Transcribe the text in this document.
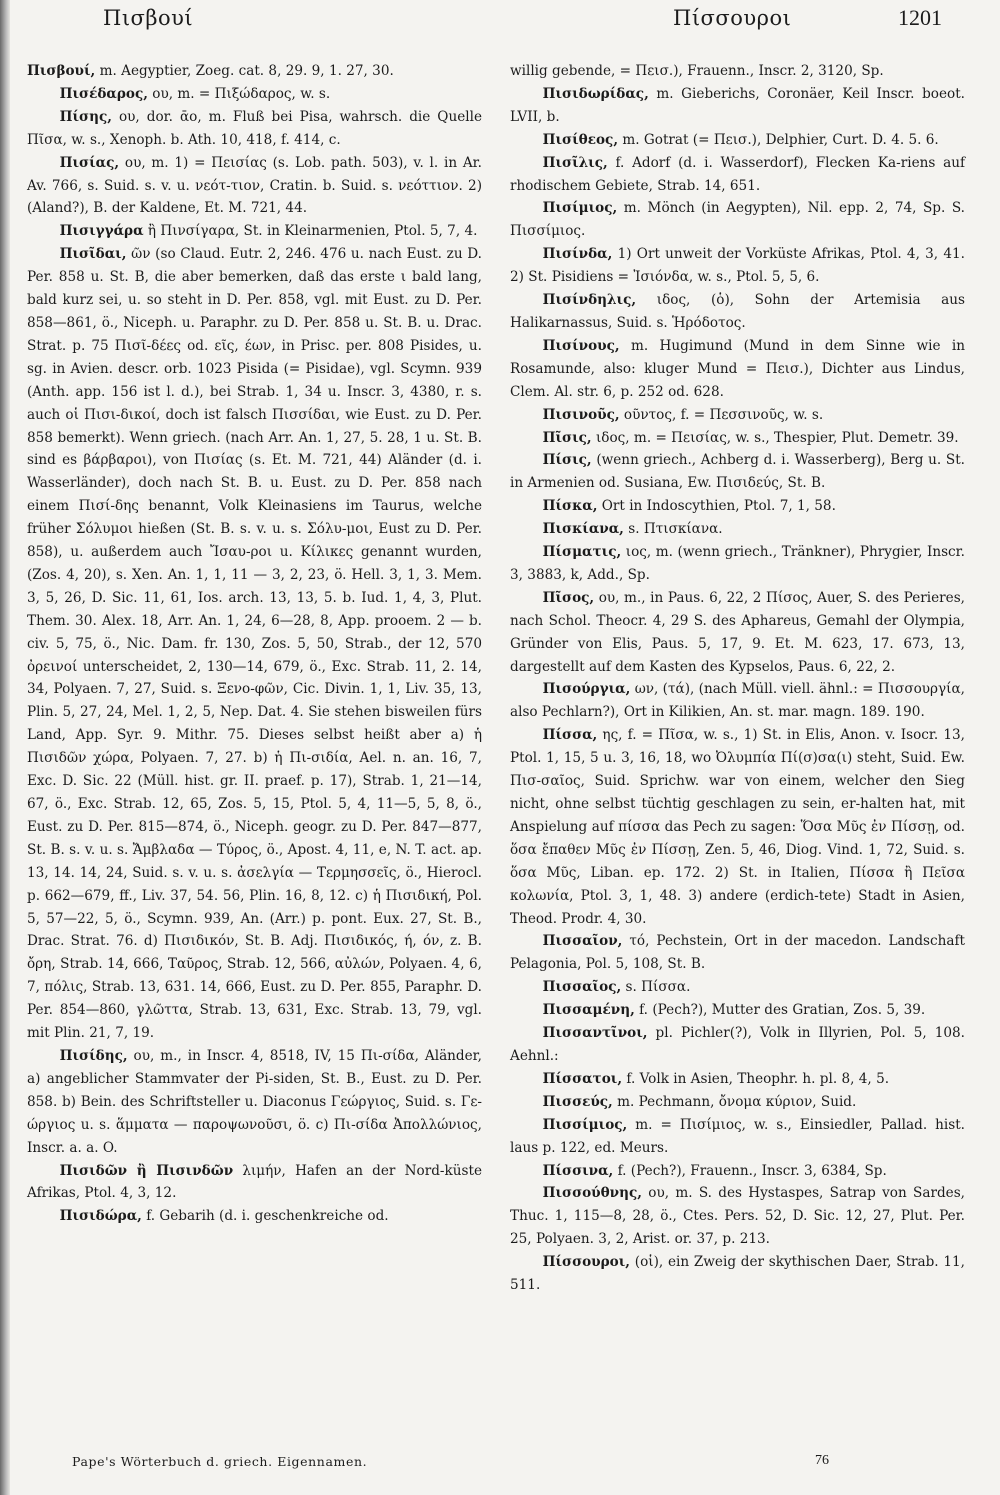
Πισβουί	Πίσσουροι	1201

Πισβουί, m. Aegyptier, Zoeg. cat. 8, 29. 9, 1. 27, 30.

Πισέδαρος, ου, m. = Πιξώδαρος, w. s.

Πίσης, ου, dor. ᾱο, m. Fluß bei Pisa, wahrsch. die Quelle Πῖσα, w. s., Xenoph. b. Ath. 10, 418, f. 414, c.

Πισίας, ου, m. 1) = Πεισίας (s. Lob. path. 503), v. l. in Ar. Av. 766, s. Suid. s. v. u. νεότ-τιον, Cratin. b. Suid. s. νεόττιον. 2) (Aland?), B. der Kaldene, Et. M. 721, 44.

Πισιγγάρα ἢ Πινσίγαρα, St. in Kleinarmenien, Ptol. 5, 7, 4.

Πισῖδαι, ῶν (so Claud. Eutr. 2, 246. 476 u. nach Eust. zu D. Per. 858 u. St. B, die aber bemerken, daß das erste ι bald lang, bald kurz sei, u. so steht in D. Per. 858, vgl. mit Eust. zu D. Per. 858—861, ö., Niceph. u. Paraphr. zu D. Per. 858 u. St. B. u. Drac. Strat. p. 75 Πισῖ-δέες od. εῖς, έων, in Prisc. per. 808 Pisides, u. sg. in Avien. descr. orb. 1023 Pisida (= Pisidae), vgl. Scymn. 939 (Anth. app. 156 ist l. d.), bei Strab. 1, 34 u. Inscr. 3, 4380, r. s. auch οἱ Πισι-δικοί, doch ist falsch Πισσίδαι, wie Eust. zu D. Per. 858 bemerkt). Wenn griech. (nach Arr. An. 1, 27, 5. 28, 1 u. St. B. sind es βάρβαροι), von Πισίας (s. Et. M. 721, 44) Aländer (d. i. Wasserländer), doch nach St. B. u. Eust. zu D. Per. 858 nach einem Πισί-δης benannt, Volk Kleinasiens im Taurus, welche früher Σόλυμοι hießen (St. B. s. v. u. s. Σόλυ-μοι, Eust zu D. Per. 858), u. außerdem auch Ἴσαυ-ροι u. Κίλικες genannt wurden, (Zos. 4, 20), s. Xen. An. 1, 1, 11 — 3, 2, 23, ö. Hell. 3, 1, 3. Mem. 3, 5, 26, D. Sic. 11, 61, Ios. arch. 13, 13, 5. b. Iud. 1, 4, 3, Plut. Them. 30. Alex. 18, Arr. An. 1, 24, 6—28, 8, App. prooem. 2 — b. civ. 5, 75, ö., Nic. Dam. fr. 130, Zos. 5, 50, Strab., der 12, 570 ὀρεινοί unterscheidet, 2, 130—14, 679, ö., Exc. Strab. 11, 2. 14, 34, Polyaen. 7, 27, Suid. s. Ξενο-φῶν, Cic. Divin. 1, 1, Liv. 35, 13, Plin. 5, 27, 24, Mel. 1, 2, 5, Nep. Dat. 4. Sie stehen bisweilen fürs Land, App. Syr. 9. Mithr. 75. Dieses selbst heißt aber a) ἡ Πισιδῶν χώρα, Polyaen. 7, 27. b) ἡ Πι-σιδία, Ael. n. an. 16, 7, Exc. D. Sic. 22 (Müll. hist. gr. II. praef. p. 17), Strab. 1, 21—14, 67, ö., Exc. Strab. 12, 65, Zos. 5, 15, Ptol. 5, 4, 11—5, 5, 8, ö., Eust. zu D. Per. 815—874, ö., Niceph. geogr. zu D. Per. 847—877, St. B. s. v. u. s. Ἄμβλαδα — Τύρος, ö., Apost. 4, 11, e, N. T. act. ap. 13, 14. 14, 24, Suid. s. v. u. s. ἀσελγία — Τερμησσεῖς, ö., Hierocl. p. 662—679, ff., Liv. 37, 54. 56, Plin. 16, 8, 12. c) ἡ Πισιδική, Pol. 5, 57—22, 5, ö., Scymn. 939, An. (Arr.) p. pont. Eux. 27, St. B., Drac. Strat. 76. d) Πισιδικόν, St. B. Adj. Πισιδικός, ή, όν, z. B. ὄρη, Strab. 14, 666, Ταῦρος, Strab. 12, 566, αὐλών, Polyaen. 4, 6, 7, πόλις, Strab. 13, 631. 14, 666, Eust. zu D. Per. 855, Paraphr. D. Per. 854—860, γλῶττα, Strab. 13, 631, Exc. Strab. 13, 79, vgl. mit Plin. 21, 7, 19.

Πισίδης, ου, m., in Inscr. 4, 8518, IV, 15 Πι-σίδα, Aländer, a) angeblicher Stammvater der Pi-siden, St. B., Eust. zu D. Per. 858. b) Bein. des Schriftsteller u. Diaconus Γεώργιος, Suid. s. Γε-ώργιος u. s. ἅμματα — παροψωνοῦσι, ö. c) Πι-σίδα Ἀπολλώνιος, Inscr. a. a. O.

Πισιδῶν ἢ Πισινδῶν λιμήν, Hafen an der Nord-küste Afrikas, Ptol. 4, 3, 12.

Πισιδώρα, f. Gebarih (d. i. geschenkreiche od.

willig gebende, = Πεισ.), Frauenn., Inscr. 2, 3120, Sp.

Πισιδωρίδας, m. Gieberichs, Coronäer, Keil Inscr. boeot. LVII, b.

Πισίθεος, m. Gotrat (= Πεισ.), Delphier, Curt. D. 4. 5. 6.

Πισῖλις, f. Adorf (d. i. Wasserdorf), Flecken Ka-riens auf rhodischem Gebiete, Strab. 14, 651.

Πισίμιος, m. Mönch (in Aegypten), Nil. epp. 2, 74, Sp. S. Πισσίμιος.

Πισίνδα, 1) Ort unweit der Vorküste Afrikas, Ptol. 4, 3, 41. 2) St. Pisidiens = Ἰσιόνδα, w. s., Ptol. 5, 5, 6.

Πισίνδηλις, ιδος, (ὁ), Sohn der Artemisia aus Halikarnassus, Suid. s. Ἡρόδοτος.

Πισίνους, m. Hugimund (Mund in dem Sinne wie in Rosamunde, also: kluger Mund = Πεισ.), Dichter aus Lindus, Clem. Al. str. 6, p. 252 od. 628.

Πισινοῦς, οῦντος, f. = Πεσσινοῦς, w. s.

Πῖσις, ιδος, m. = Πεισίας, w. s., Thespier, Plut. Demetr. 39.

Πίσις, (wenn griech., Achberg d. i. Wasserberg), Berg u. St. in Armenien od. Susiana, Ew. Πισιδεύς, St. B.

Πίσκα, Ort in Indoscythien, Ptol. 7, 1, 58.

Πισκίανα, s. Πτισκίανα.

Πίσματις, ιος, m. (wenn griech., Tränkner), Phrygier, Inscr. 3, 3883, k, Add., Sp.

Πῖσος, ου, m., in Paus. 6, 22, 2 Πίσος, Auer, S. des Perieres, nach Schol. Theocr. 4, 29 S. des Aphareus, Gemahl der Olympia, Gründer von Elis, Paus. 5, 17, 9. Et. M. 623, 17. 673, 13, dargestellt auf dem Kasten des Kypselos, Paus. 6, 22, 2.

Πισούργια, ων, (τά), (nach Müll. viell. ähnl.: = Πισσουργία, also Pechlarn?), Ort in Kilikien, An. st. mar. magn. 189. 190.

Πίσσα, ης, f. = Πῖσα, w. s., 1) St. in Elis, Anon. v. Isocr. 13, Ptol. 1, 15, 5 u. 3, 16, 18, wo Ὀλυμπία Πί(σ)σα(ι) steht, Suid. Ew. Πισ-σαῖος, Suid. Sprichw. war von einem, welcher den Sieg nicht, ohne selbst tüchtig geschlagen zu sein, er-halten hat, mit Anspielung auf πίσσα das Pech zu sagen: Ὅσα Μῦς ἐν Πίσσῃ, od. ὅσα ἔπαθεν Μῦς ἐν Πίσσῃ, Zen. 5, 46, Diog. Vind. 1, 72, Suid. s. ὅσα Μῦς, Liban. ep. 172. 2) St. in Italien, Πίσσα ἢ Πεῖσα κολωνία, Ptol. 3, 1, 48. 3) andere (erdich-tete) Stadt in Asien, Theod. Prodr. 4, 30.

Πισσαῖον, τό, Pechstein, Ort in der macedon. Landschaft Pelagonia, Pol. 5, 108, St. B.

Πισσαῖος, s. Πίσσα.

Πισσαμένη, f. (Pech?), Mutter des Gratian, Zos. 5, 39.

Πισσαντῖνοι, pl. Pichler(?), Volk in Illyrien, Pol. 5, 108. Aehnl.:

Πίσσατοι, f. Volk in Asien, Theophr. h. pl. 8, 4, 5.

Πισσεύς, m. Pechmann, ὄνομα κύριον, Suid.

Πισσίμιος, m. = Πισίμιος, w. s., Einsiedler, Pallad. hist. laus p. 122, ed. Meurs.

Πίσσινα, f. (Pech?), Frauenn., Inscr. 3, 6384, Sp.

Πισσούθνης, ου, m. S. des Hystaspes, Satrap von Sardes, Thuc. 1, 115—8, 28, ö., Ctes. Pers. 52, D. Sic. 12, 27, Plut. Per. 25, Polyaen. 3, 2, Arist. or. 37, p. 213.

Πίσσουροι, (οἱ), ein Zweig der skythischen Daer, Strab. 11, 511.

Pape's Wörterbuch d. griech. Eigennamen.	76
